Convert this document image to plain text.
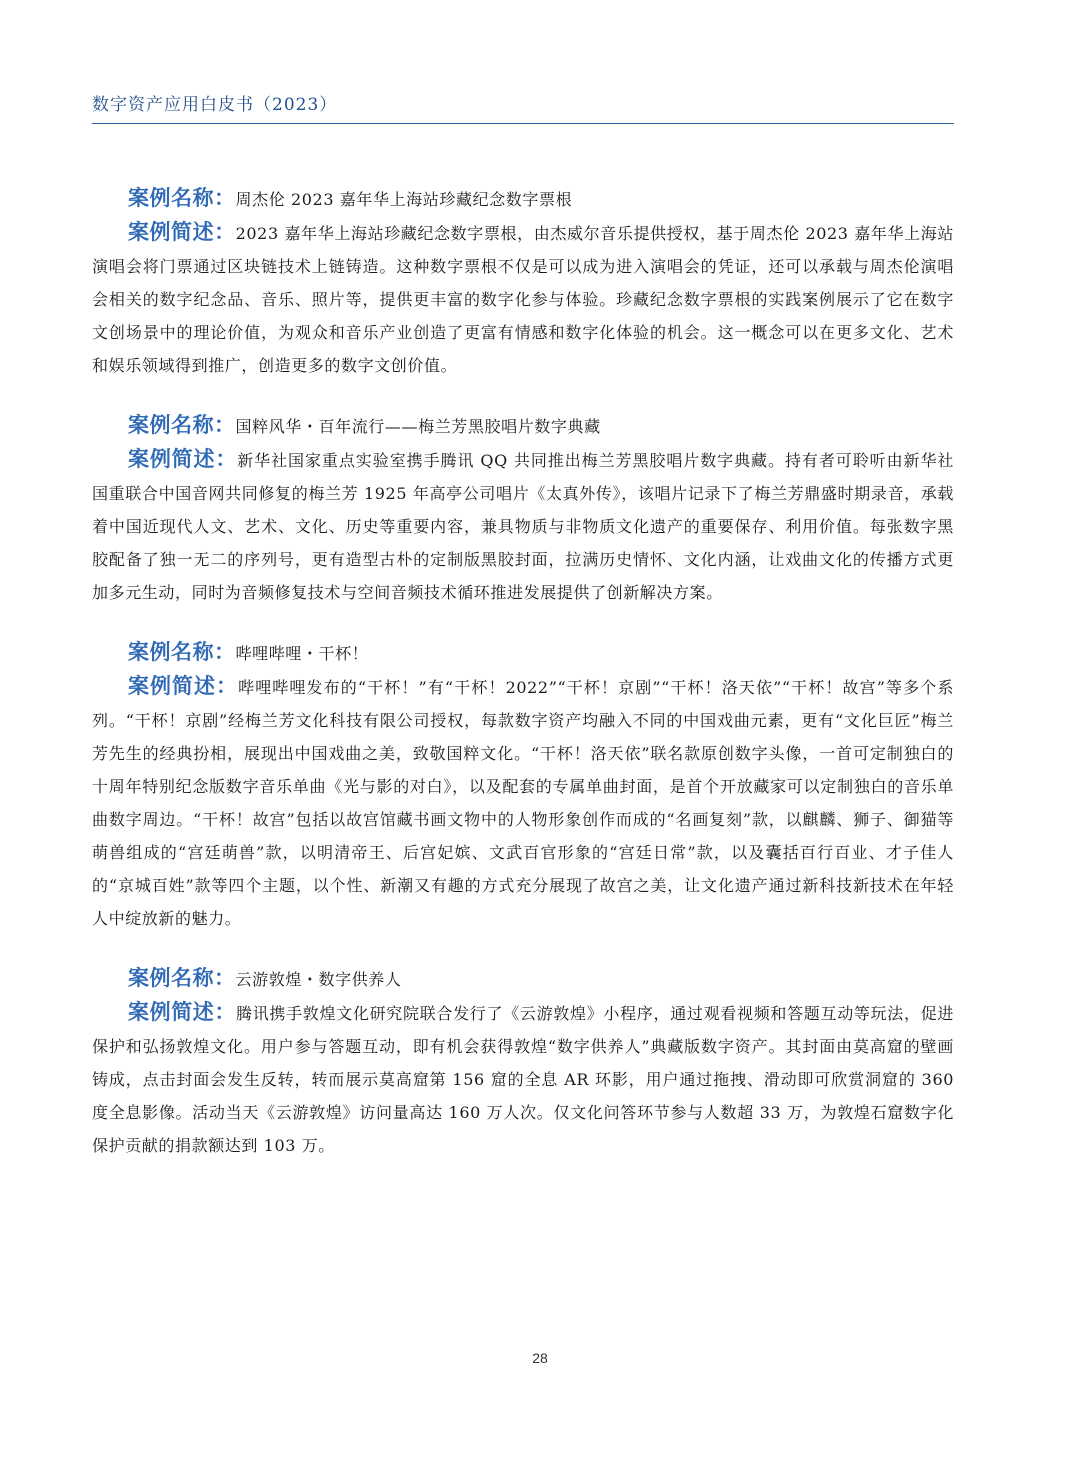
数字资产应用白皮书（2023）

案例名称：周杰伦 2023 嘉年华上海站珍藏纪念数字票根

案例简述：2023 嘉年华上海站珍藏纪念数字票根，由杰威尔音乐提供授权，基于周杰伦 2023 嘉年华上海站演唱会将门票通过区块链技术上链铸造。这种数字票根不仅是可以成为进入演唱会的凭证，还可以承载与周杰伦演唱会相关的数字纪念品、音乐、照片等，提供更丰富的数字化参与体验。珍藏纪念数字票根的实践案例展示了它在数字文创场景中的理论价值，为观众和音乐产业创造了更富有情感和数字化体验的机会。这一概念可以在更多文化、艺术和娱乐领域得到推广，创造更多的数字文创价值。

案例名称：国粹风华・百年流行——梅兰芳黑胶唱片数字典藏

案例简述：新华社国家重点实验室携手腾讯 QQ 共同推出梅兰芳黑胶唱片数字典藏。持有者可聆听由新华社国重联合中国音网共同修复的梅兰芳 1925 年高亭公司唱片《太真外传》，该唱片记录下了梅兰芳鼎盛时期录音，承载着中国近现代人文、艺术、文化、历史等重要内容，兼具物质与非物质文化遗产的重要保存、利用价值。每张数字黑胶配备了独一无二的序列号，更有造型古朴的定制版黑胶封面，拉满历史情怀、文化内涵，让戏曲文化的传播方式更加多元生动，同时为音频修复技术与空间音频技术循环推进发展提供了创新解决方案。

案例名称：哔哩哔哩・干杯！

案例简述：哔哩哔哩发布的“干杯！”有“干杯！2022”“干杯！京剧”“干杯！洛天依”“干杯！故宫”等多个系列。“干杯！京剧”经梅兰芳文化科技有限公司授权，每款数字资产均融入不同的中国戏曲元素，更有“文化巨匠”梅兰芳先生的经典扮相，展现出中国戏曲之美，致敬国粹文化。“干杯！洛天依”联名款原创数字头像，一首可定制独白的十周年特别纪念版数字音乐单曲《光与影的对白》，以及配套的专属单曲封面，是首个开放藏家可以定制独白的音乐单曲数字周边。“干杯！故宫”包括以故宫馆藏书画文物中的人物形象创作而成的“名画复刻”款，以麒麟、狮子、御猫等萌兽组成的“宫廷萌兽”款，以明清帝王、后宫妃嫔、文武百官形象的“宫廷日常”款，以及囊括百行百业、才子佳人的“京城百姓”款等四个主题，以个性、新潮又有趣的方式充分展现了故宫之美，让文化遗产通过新科技新技术在年轻人中绽放新的魅力。

案例名称：云游敦煌・数字供养人

案例简述：腾讯携手敦煌文化研究院联合发行了《云游敦煌》小程序，通过观看视频和答题互动等玩法，促进保护和弘扬敦煌文化。用户参与答题互动，即有机会获得敦煌“数字供养人”典藏版数字资产。其封面由莫高窟的壁画铸成，点击封面会发生反转，转而展示莫高窟第 156 窟的全息 AR 环影，用户通过拖拽、滑动即可欣赏洞窟的 360 度全息影像。活动当天《云游敦煌》访问量高达 160 万人次。仅文化问答环节参与人数超 33 万，为敦煌石窟数字化保护贡献的捐款额达到 103 万。

28
